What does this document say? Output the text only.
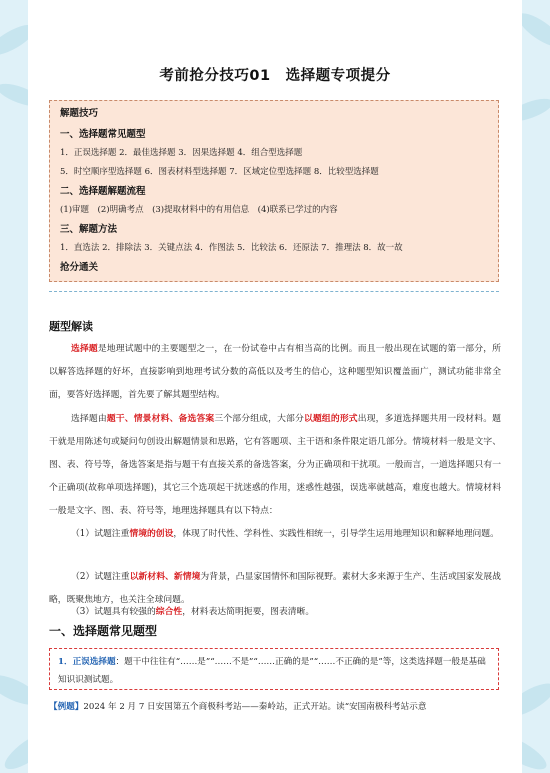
考前抢分技巧01　选择题专项提分
解题技巧
一、选择题常见题型
1．正误选择题 2．最佳选择题 3．因果选择题 4．组合型选择题
5．时空顺序型选择题 6．图表材料型选择题 7．区域定位型选择题 8．比较型选择题
二、选择题解题流程
(1)审题　(2)明确考点　(3)提取材料中的有用信息　(4)联系已学过的内容
三、解题方法
1．直选法 2．排除法 3．关键点法 4．作图法 5．比较法 6．还原法 7．推理法 8．故一故
抢分通关
题型解读
选择题是地理试题中的主要题型之一，在一份试卷中占有相当高的比例。而且一般出现在试题的第一部分，所以解答选择题的好坏，直接影响到地理考试分数的高低以及考生的信心，这种题型知识覆盖面广，测试功能非常全面，要答好选择题，首先要了解其题型结构。
选择题由题干、情景材料、备选答案三个部分组成，大部分以题组的形式出现，多道选择题共用一段材料。题干就是用陈述句或疑问句创设出解题情景和思路，它有答题项、主干语和条件限定语几部分。情境材料一般是文字、图、表、符号等，备选答案是指与题干有直接关系的备选答案，分为正确项和干扰项。一般而言，一道选择题只有一个正确项(故称单项选择题)，其它三个选项起干扰迷惑的作用，迷惑性越强，误选率就越高，难度也越大。情境材料一般是文字、图、表、符号等，地理选择题具有以下特点：
（1）试题注重情境的创设，体现了时代性、学科性、实践性相统一，引导学生运用地理知识和解释地理问题。
（2）试题注重以新材料、新情境为背景，凸显家国情怀和国际视野。素材大多来源于生产、生活或国家发展战略，既聚焦地方，也关注全球问题。
（3）试题具有较强的综合性，材料表达简明扼要，图表清晰。
一、选择题常见题型
1．正误选择题：题干中往往有“……是”“……不是”“……正确的是”“……不正确的是”等，这类选择题一般是基础知识识测试题。
【例题】2024 年 2 月 7 日安国第五个商极科考站——秦岭站，正式开站。读“安国南极科考站示意
